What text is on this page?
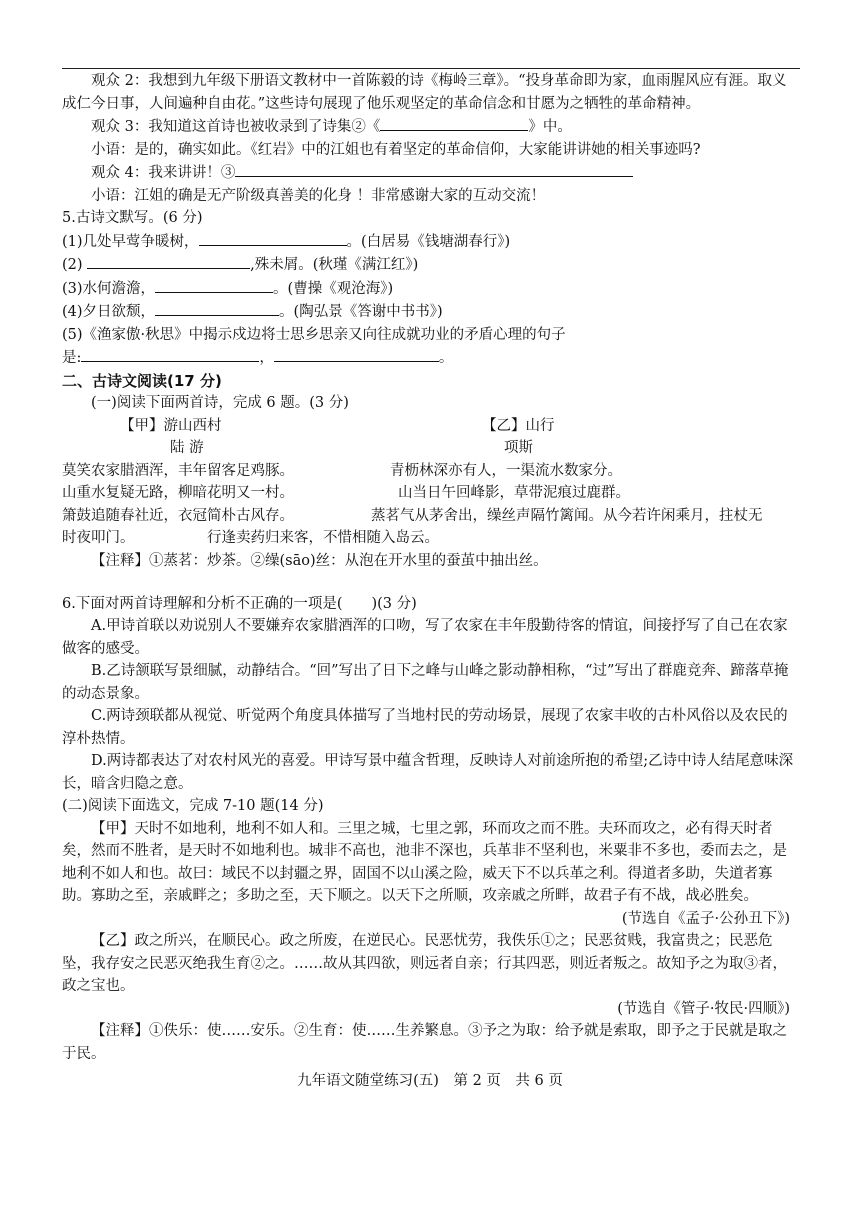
观众 2：我想到九年级下册语文教材中一首陈毅的诗《梅岭三章》。“投身革命即为家，血雨腥风应有涯。取义成仁今日事，人间遍种自由花。”这些诗句展现了他乐观坚定的革命信念和甘愿为之牺牲的革命精神。
观众 3：我知道这首诗也被收录到了诗集②《	》中。
小语：是的，确实如此。《红岩》中的江姐也有着坚定的革命信仰，大家能讲讲她的相关事迹吗?
观众 4：我来讲讲！③
小语：江姐的确是无产阶级真善美的化身 ！非常感谢大家的互动交流！
5.古诗文默写。(6 分)
(1)几处早莺争暖树，	。(白居易《钱塘湖春行》)
(2)	,殊未屑。(秋瑾《满江红》)
(3)水何澹澹，	。(曹操《观沧海》)
(4)夕日欲颓，	。(陶弘景《答谢中书书》)
(5)《渔家傲·秋思》中揭示戍边将士思乡思亲又向往成就功业的矛盾心理的句子
是:	，	。
二、古诗文阅读(17 分)
(一)阅读下面两首诗，完成 6 题。(3 分)
【甲】游山西村
陆 游
【乙】山行
项斯
莫笑农家腊酒浑，丰年留客足鸡豚。	青枥林深亦有人，一渠流水数家分。
山重水复疑无路，柳暗花明又一村。	山当日午回峰影，草带泥痕过鹿群。
箫鼓追随春社近，衣冠简朴古风存。	蒸茗气从茅舍出，缲丝声隔竹篱闻。从今若许闲乘月，拄杖无
时夜叩门。	行逢卖药归来客，不惜相随入岛云。
【注释】①蒸茗：炒茶。②缲(sāo)丝：从泡在开水里的蚕茧中抽出丝。
6.下面对两首诗理解和分析不正确的一项是(　　)(3 分)
A.甲诗首联以劝说别人不要嫌弃农家腊酒浑的口吻，写了农家在丰年殷勤待客的情谊，间接抒写了自己在农家做客的感受。
B.乙诗颔联写景细腻，动静结合。“回”写出了日下之峰与山峰之影动静相称，“过”写出了群鹿竞奔、蹄落草掩的动态景象。
C.两诗颈联都从视觉、听觉两个角度具体描写了当地村民的劳动场景，展现了农家丰收的古朴风俗以及农民的淳朴热情。
D.两诗都表达了对农村风光的喜爱。甲诗写景中蕴含哲理，反映诗人对前途所抱的希望;乙诗中诗人结尾意味深长，暗含归隐之意。
(二)阅读下面选文，完成 7-10 题(14 分)
【甲】天时不如地利，地利不如人和。三里之城，七里之郭，环而攻之而不胜。夫环而攻之，必有得天时者矣，然而不胜者，是天时不如地利也。城非不高也，池非不深也，兵革非不坚利也，米粟非不多也，委而去之，是地利不如人和也。故曰：域民不以封疆之界，固国不以山溪之险，威天下不以兵革之利。得道者多助，失道者寡助。寡助之至，亲戚畔之；多助之至，天下顺之。以天下之所顺，攻亲戚之所畔，故君子有不战，战必胜矣。
(节选自《孟子·公孙丑下》)
【乙】政之所兴，在顺民心。政之所废，在逆民心。民恶忧劳，我佚乐①之；民恶贫贱，我富贵之；民恶危坠，我存安之民恶灭绝我生育②之。……故从其四欲，则远者自亲；行其四恶，则近者叛之。故知予之为取③者，政之宝也。
(节选自《管子·牧民·四顺》)
【注释】①佚乐：使……安乐。②生育：使……生养繁息。③予之为取：给予就是索取，即予之于民就是取之于民。
九年语文随堂练习(五)　第 2 页　共 6 页
